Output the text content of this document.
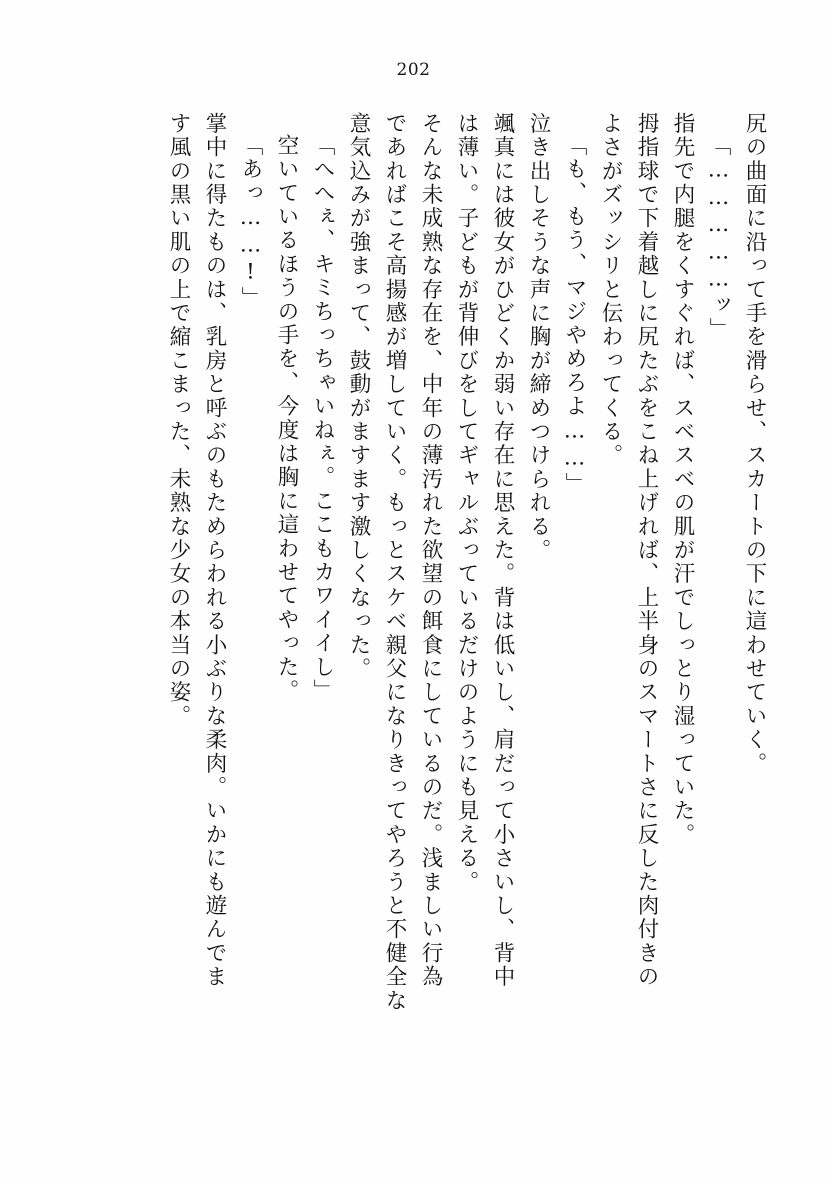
202
尻の曲面に沿って手を滑らせ、スカートの下に這わせていく。
「……………ッ」
指先で内腿をくすぐれば、スベスベの肌が汗でしっとり湿っていた。
拇指球で下着越しに尻たぶをこね上げれば、上半身のスマートさに反した肉付きの
よさがズッシリと伝わってくる。
「も、もう、マジやめろよ……」
泣き出しそうな声に胸が締めつけられる。
颯真には彼女がひどくか弱い存在に思えた。背は低いし、肩だって小さいし、背中
は薄い。子どもが背伸びをしてギャルぶっているだけのようにも見える。
そんな未成熟な存在を、中年の薄汚れた欲望の餌食にしているのだ。浅ましい行為
であればこそ高揚感が増していく。もっとスケベ親父になりきってやろうと不健全な
意気込みが強まって、鼓動がますます激しくなった。
「へへぇ、キミちっちゃいねぇ。ここもカワイイし」
空いているほうの手を、今度は胸に這わせてやった。
「あっ……!」
掌中に得たものは、乳房と呼ぶのもためらわれる小ぶりな柔肉。いかにも遊んでま
す風の黒い肌の上で縮こまった、未熟な少女の本当の姿。
